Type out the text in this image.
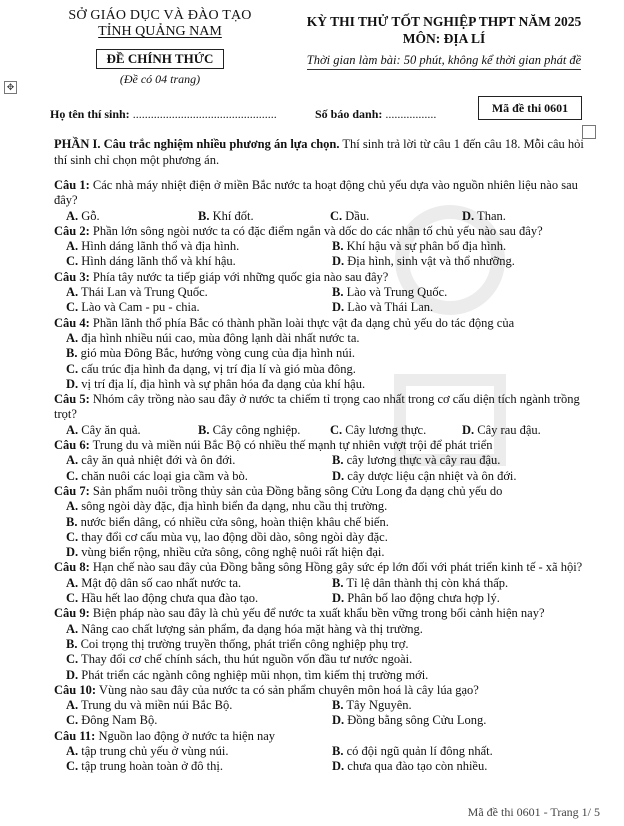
SỞ GIÁO DỤC VÀ ĐÀO TẠO
TỈNH QUẢNG NAM
ĐỀ CHÍNH THỨC
(Đề có 04 trang)
KỲ THI THỬ TỐT NGHIỆP THPT NĂM 2025
MÔN: ĐỊA LÍ
Thời gian làm bài: 50 phút, không kể thời gian phát đề
✥
Họ tên thí sinh: ................................................	Số báo danh: .................	Mã đề thi 0601
PHẦN I. Câu trắc nghiệm nhiều phương án lựa chọn. Thí sinh trả lời từ câu 1 đến câu 18. Mỗi câu hỏi thí sinh chỉ chọn một phương án.
Câu 1: Các nhà máy nhiệt điện ở miền Bắc nước ta hoạt động chủ yếu dựa vào nguồn nhiên liệu nào sau đây?
A. Gỗ.	B. Khí đốt.	C. Dầu.	D. Than.
Câu 2: Phần lớn sông ngòi nước ta có đặc điểm ngắn và dốc do các nhân tố chủ yếu nào sau đây?
A. Hình dáng lãnh thổ và địa hình.	B. Khí hậu và sự phân bố địa hình.
C. Hình dáng lãnh thổ và khí hậu.	D. Địa hình, sinh vật và thổ nhưỡng.
Câu 3: Phía tây nước ta tiếp giáp với những quốc gia nào sau đây?
A. Thái Lan và Trung Quốc.	B. Lào và Trung Quốc.
C. Lào và Cam - pu - chia.	D. Lào và Thái Lan.
Câu 4: Phần lãnh thổ phía Bắc có thành phần loài thực vật đa dạng chủ yếu do tác động của
A. địa hình nhiều núi cao, mùa đông lạnh dài nhất nước ta.
B. gió mùa Đông Bắc, hướng vòng cung của địa hình núi.
C. cấu trúc địa hình đa dạng, vị trí địa lí và gió mùa đông.
D. vị trí địa lí, địa hình và sự phân hóa đa dạng của khí hậu.
Câu 5: Nhóm cây trồng nào sau đây ở nước ta chiếm tỉ trọng cao nhất trong cơ cấu diện tích ngành trồng trọt?
A. Cây ăn quả.	B. Cây công nghiệp.	C. Cây lương thực.	D. Cây rau đậu.
Câu 6: Trung du và miền núi Bắc Bộ có nhiều thế mạnh tự nhiên vượt trội để phát triển
A. cây ăn quả nhiệt đới và ôn đới.	B. cây lương thực và cây rau đậu.
C. chăn nuôi các loại gia cầm và bò.	D. cây dược liệu cận nhiệt và ôn đới.
Câu 7: Sản phẩm nuôi trồng thủy sản của Đồng bằng sông Cửu Long đa dạng chủ yếu do
A. sông ngòi dày đặc, địa hình biển đa dạng, nhu cầu thị trường.
B. nước biển dâng, có nhiều cửa sông, hoàn thiện khâu chế biến.
C. thay đổi cơ cấu mùa vụ, lao động dồi dào, sông ngòi dày đặc.
D. vùng biển rộng, nhiều cửa sông, công nghệ nuôi rất hiện đại.
Câu 8: Hạn chế nào sau đây của Đồng bằng sông Hồng gây sức ép lớn đối với phát triển kinh tế - xã hội?
A. Mật độ dân số cao nhất nước ta.	B. Tỉ lệ dân thành thị còn khá thấp.
C. Hầu hết lao động chưa qua đào tạo.	D. Phân bố lao động chưa hợp lý.
Câu 9: Biện pháp nào sau đây là chủ yếu để nước ta xuất khẩu bền vững trong bối cảnh hiện nay?
A. Nâng cao chất lượng sản phẩm, đa dạng hóa mặt hàng và thị trường.
B. Coi trọng thị trường truyền thống, phát triển công nghiệp phụ trợ.
C. Thay đổi cơ chế chính sách, thu hút nguồn vốn đầu tư nước ngoài.
D. Phát triển các ngành công nghiệp mũi nhọn, tìm kiếm thị trường mới.
Câu 10: Vùng nào sau đây của nước ta có sản phẩm chuyên môn hoá là cây lúa gạo?
A. Trung du và miền núi Bắc Bộ.	B. Tây Nguyên.
C. Đông Nam Bộ.	D. Đồng bằng sông Cửu Long.
Câu 11: Nguồn lao động ở nước ta hiện nay
A. tập trung chủ yếu ở vùng núi.	B. có đội ngũ quản lí đông nhất.
C. tập trung hoàn toàn ở đô thị.	D. chưa qua đào tạo còn nhiều.
Mã đề thi 0601 - Trang 1/ 5
